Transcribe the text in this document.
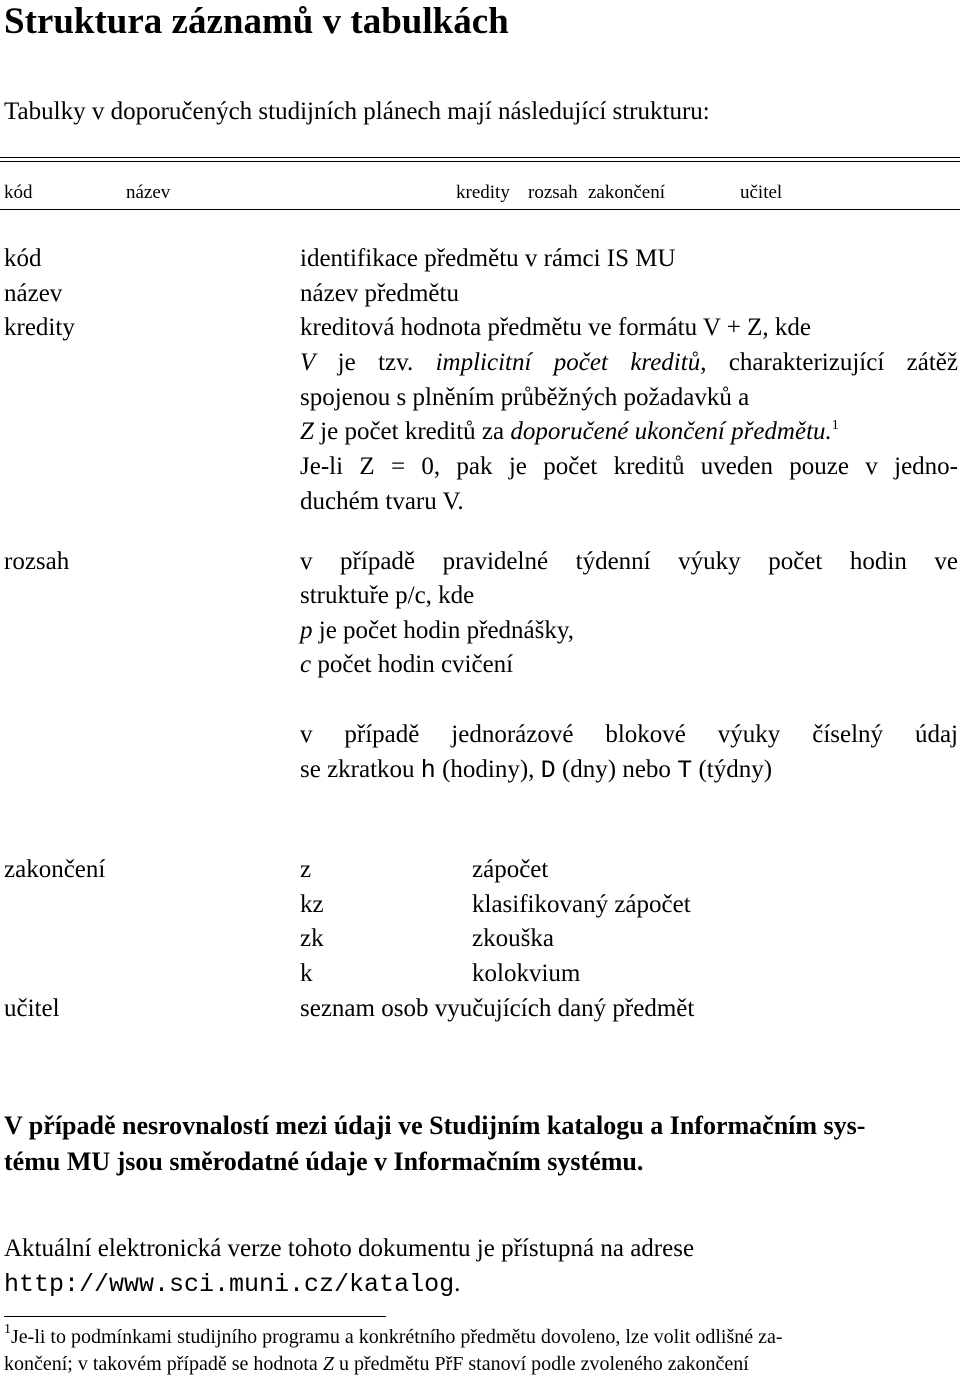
Struktura záznamů v tabulkách
Tabulky v doporučených studijních plánech mají následující strukturu:
kód	název	kredity rozsah zakončení	učitel
kód	identifikace předmětu v rámci IS MU
název	název předmětu
kredity	kreditová hodnota předmětu ve formátu V + Z, kde
V je tzv. implicitní počet kreditů, charakterizující zátěž
spojenou s plněním průběžných požadavků a
Z je počet kreditů za doporučené ukončení předmětu.$^1$
Je-li Z = 0, pak je počet kreditů uveden pouze v jedno-
duchém tvaru V.
rozsah	v případě pravidelné týdenní výuky počet hodin ve
struktuře p/c, kde
p je počet hodin přednášky,
c počet hodin cvičení
v případě jednorázové blokové výuky číselný údaj
se zkratkou h (hodiny), D (dny) nebo T (týdny)
zakončení	z	zápočet
kz	klasifikovaný zápočet
zk	zkouška
k	kolokvium
učitel	seznam osob vyučujících daný předmět
V případě nesrovnalostí mezi údaji ve Studijním katalogu a Informačním sys-
tému MU jsou směrodatné údaje v Informačním systému.
Aktuální elektronická verze tohoto dokumentu je přístupná na adrese
http://www.sci.muni.cz/katalog.
$^1$Je-li to podmínkami studijního programu a konkrétního předmětu dovoleno, lze volit odlišné za-
končení; v takovém případě se hodnota Z u předmětu PřF stanoví podle zvoleného zakončení
